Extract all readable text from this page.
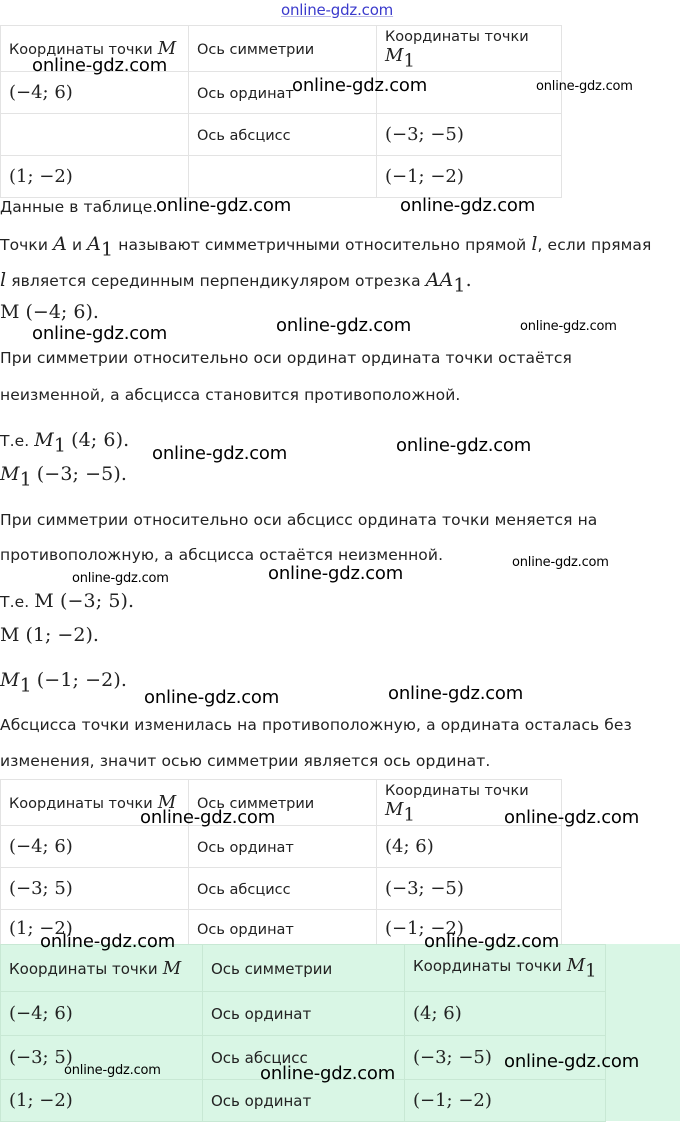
online-gdz.com
Координаты точки M	Ось симметрии	Координаты точки $M_1$
(−4; 6)	Ось ординат	
	Ось абсцисс	(−3; −5)
(1; −2)		(−1; −2)
Данные в таблице.
Точки A и $A_1$ называют симметричными относительно прямой l, если прямая
l является серединным перпендикуляром отрезка $AA_1$.
M (−4; 6).
При симметрии относительно оси ординат ордината точки остаётся
неизменной, а абсцисса становится противоположной.
Т.е. $M_1$ (4; 6).
$M_1$ (−3; −5).
При симметрии относительно оси абсцисс ордината точки меняется на
противоположную, а абсцисса остаётся неизменной.
Т.е. M (−3; 5).
M (1; −2).
$M_1$ (−1; −2).
Абсцисса точки изменилась на противоположную, а ордината осталась без
изменения, значит осью симметрии является ось ординат.
Координаты точки M	Ось симметрии	Координаты точки $M_1$
(−4; 6)	Ось ординат	(4; 6)
(−3; 5)	Ось абсцисс	(−3; −5)
(1; −2)	Ось ординат	(−1; −2)
Координаты точки M	Ось симметрии	Координаты точки $M_1$
(−4; 6)	Ось ординат	(4; 6)
(−3; 5)	Ось абсцисс	(−3; −5)
(1; −2)	Ось ординат	(−1; −2)
online-gdz.com
online-gdz.com	online-gdz.com
online-gdz.com	online-gdz.com
online-gdz.com	online-gdz.com	online-gdz.com
online-gdz.com	online-gdz.com
online-gdz.com	online-gdz.com
online-gdz.com
online-gdz.com	online-gdz.com
online-gdz.com	online-gdz.com
online-gdz.com	online-gdz.com
online-gdz.com	online-gdz.com
online-gdz.com
